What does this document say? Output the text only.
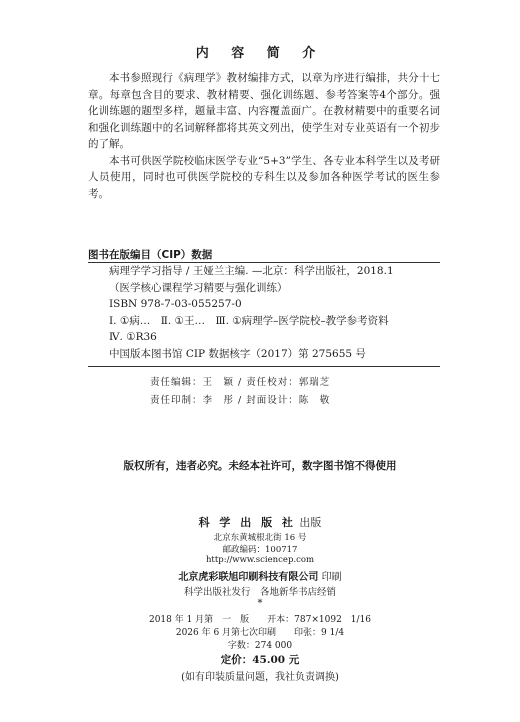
内 容 简 介

本书参照现行《病理学》教材编排方式，以章为序进行编排，共分十七章。每章包含目的要求、教材精要、强化训练题、参考答案等4个部分。强化训练题的题型多样，题量丰富、内容覆盖面广。在教材精要中的重要名词和强化训练题中的名词解释都将其英文列出，使学生对专业英语有一个初步的了解。

本书可供医学院校临床医学专业“5+3”学生、各专业本科学生以及考研人员使用，同时也可供医学院校的专科生以及参加各种医学考试的医生参考。

图书在版编目（CIP）数据
病理学学习指导 / 王娅兰主编. —北京：科学出版社，2018.1
（医学核心课程学习精要与强化训练）
ISBN 978-7-03-055257-0
Ⅰ. ①病…　Ⅱ. ①王…　Ⅲ. ①病理学–医学院校–教学参考资料
Ⅳ. ①R36
中国版本图书馆 CIP 数据核字（2017）第 275655 号
责任编辑：王　颖 / 责任校对：郭瑞芝
责任印制：李　彤 / 封面设计：陈　敬
版权所有，违者必究。未经本社许可，数字图书馆不得使用
科 学 出 版 社 出版
北京东黄城根北街 16 号
邮政编码：100717
http://www.sciencep.com
北京虎彩联旭印刷科技有限公司 印刷
科学出版社发行　各地新华书店经销
*
2018 年 1 月第　一　版　　开本：787×1092　1/16
2026 年 6 月第七次印刷　　印张：9 1/4
字数：274 000
定价：45.00 元
(如有印装质量问题，我社负责调换)
